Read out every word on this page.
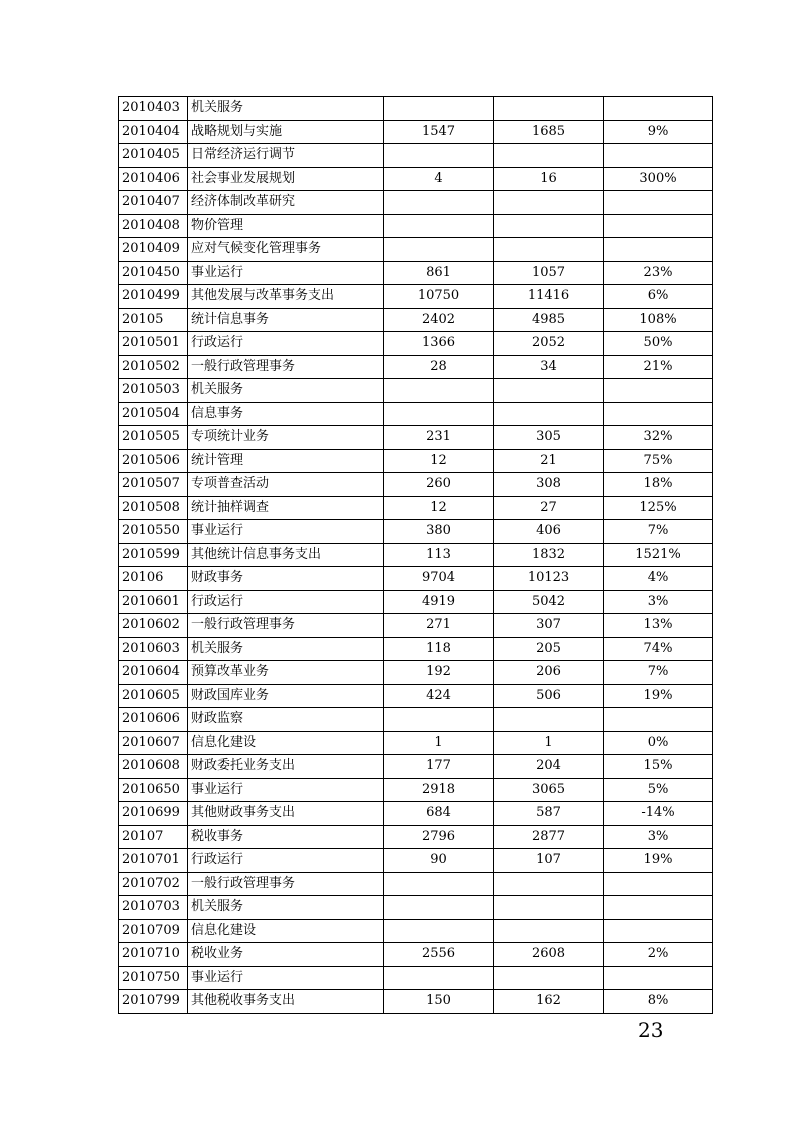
2010403	机关服务			
2010404	战略规划与实施	1547	1685	9%
2010405	日常经济运行调节			
2010406	社会事业发展规划	4	16	300%
2010407	经济体制改革研究			
2010408	物价管理			
2010409	应对气候变化管理事务			
2010450	事业运行	861	1057	23%
2010499	其他发展与改革事务支出	10750	11416	6%
20105	统计信息事务	2402	4985	108%
2010501	行政运行	1366	2052	50%
2010502	一般行政管理事务	28	34	21%
2010503	机关服务			
2010504	信息事务			
2010505	专项统计业务	231	305	32%
2010506	统计管理	12	21	75%
2010507	专项普查活动	260	308	18%
2010508	统计抽样调查	12	27	125%
2010550	事业运行	380	406	7%
2010599	其他统计信息事务支出	113	1832	1521%
20106	财政事务	9704	10123	4%
2010601	行政运行	4919	5042	3%
2010602	一般行政管理事务	271	307	13%
2010603	机关服务	118	205	74%
2010604	预算改革业务	192	206	7%
2010605	财政国库业务	424	506	19%
2010606	财政监察			
2010607	信息化建设	1	1	0%
2010608	财政委托业务支出	177	204	15%
2010650	事业运行	2918	3065	5%
2010699	其他财政事务支出	684	587	-14%
20107	税收事务	2796	2877	3%
2010701	行政运行	90	107	19%
2010702	一般行政管理事务			
2010703	机关服务			
2010709	信息化建设			
2010710	税收业务	2556	2608	2%
2010750	事业运行			
2010799	其他税收事务支出	150	162	8%
23
